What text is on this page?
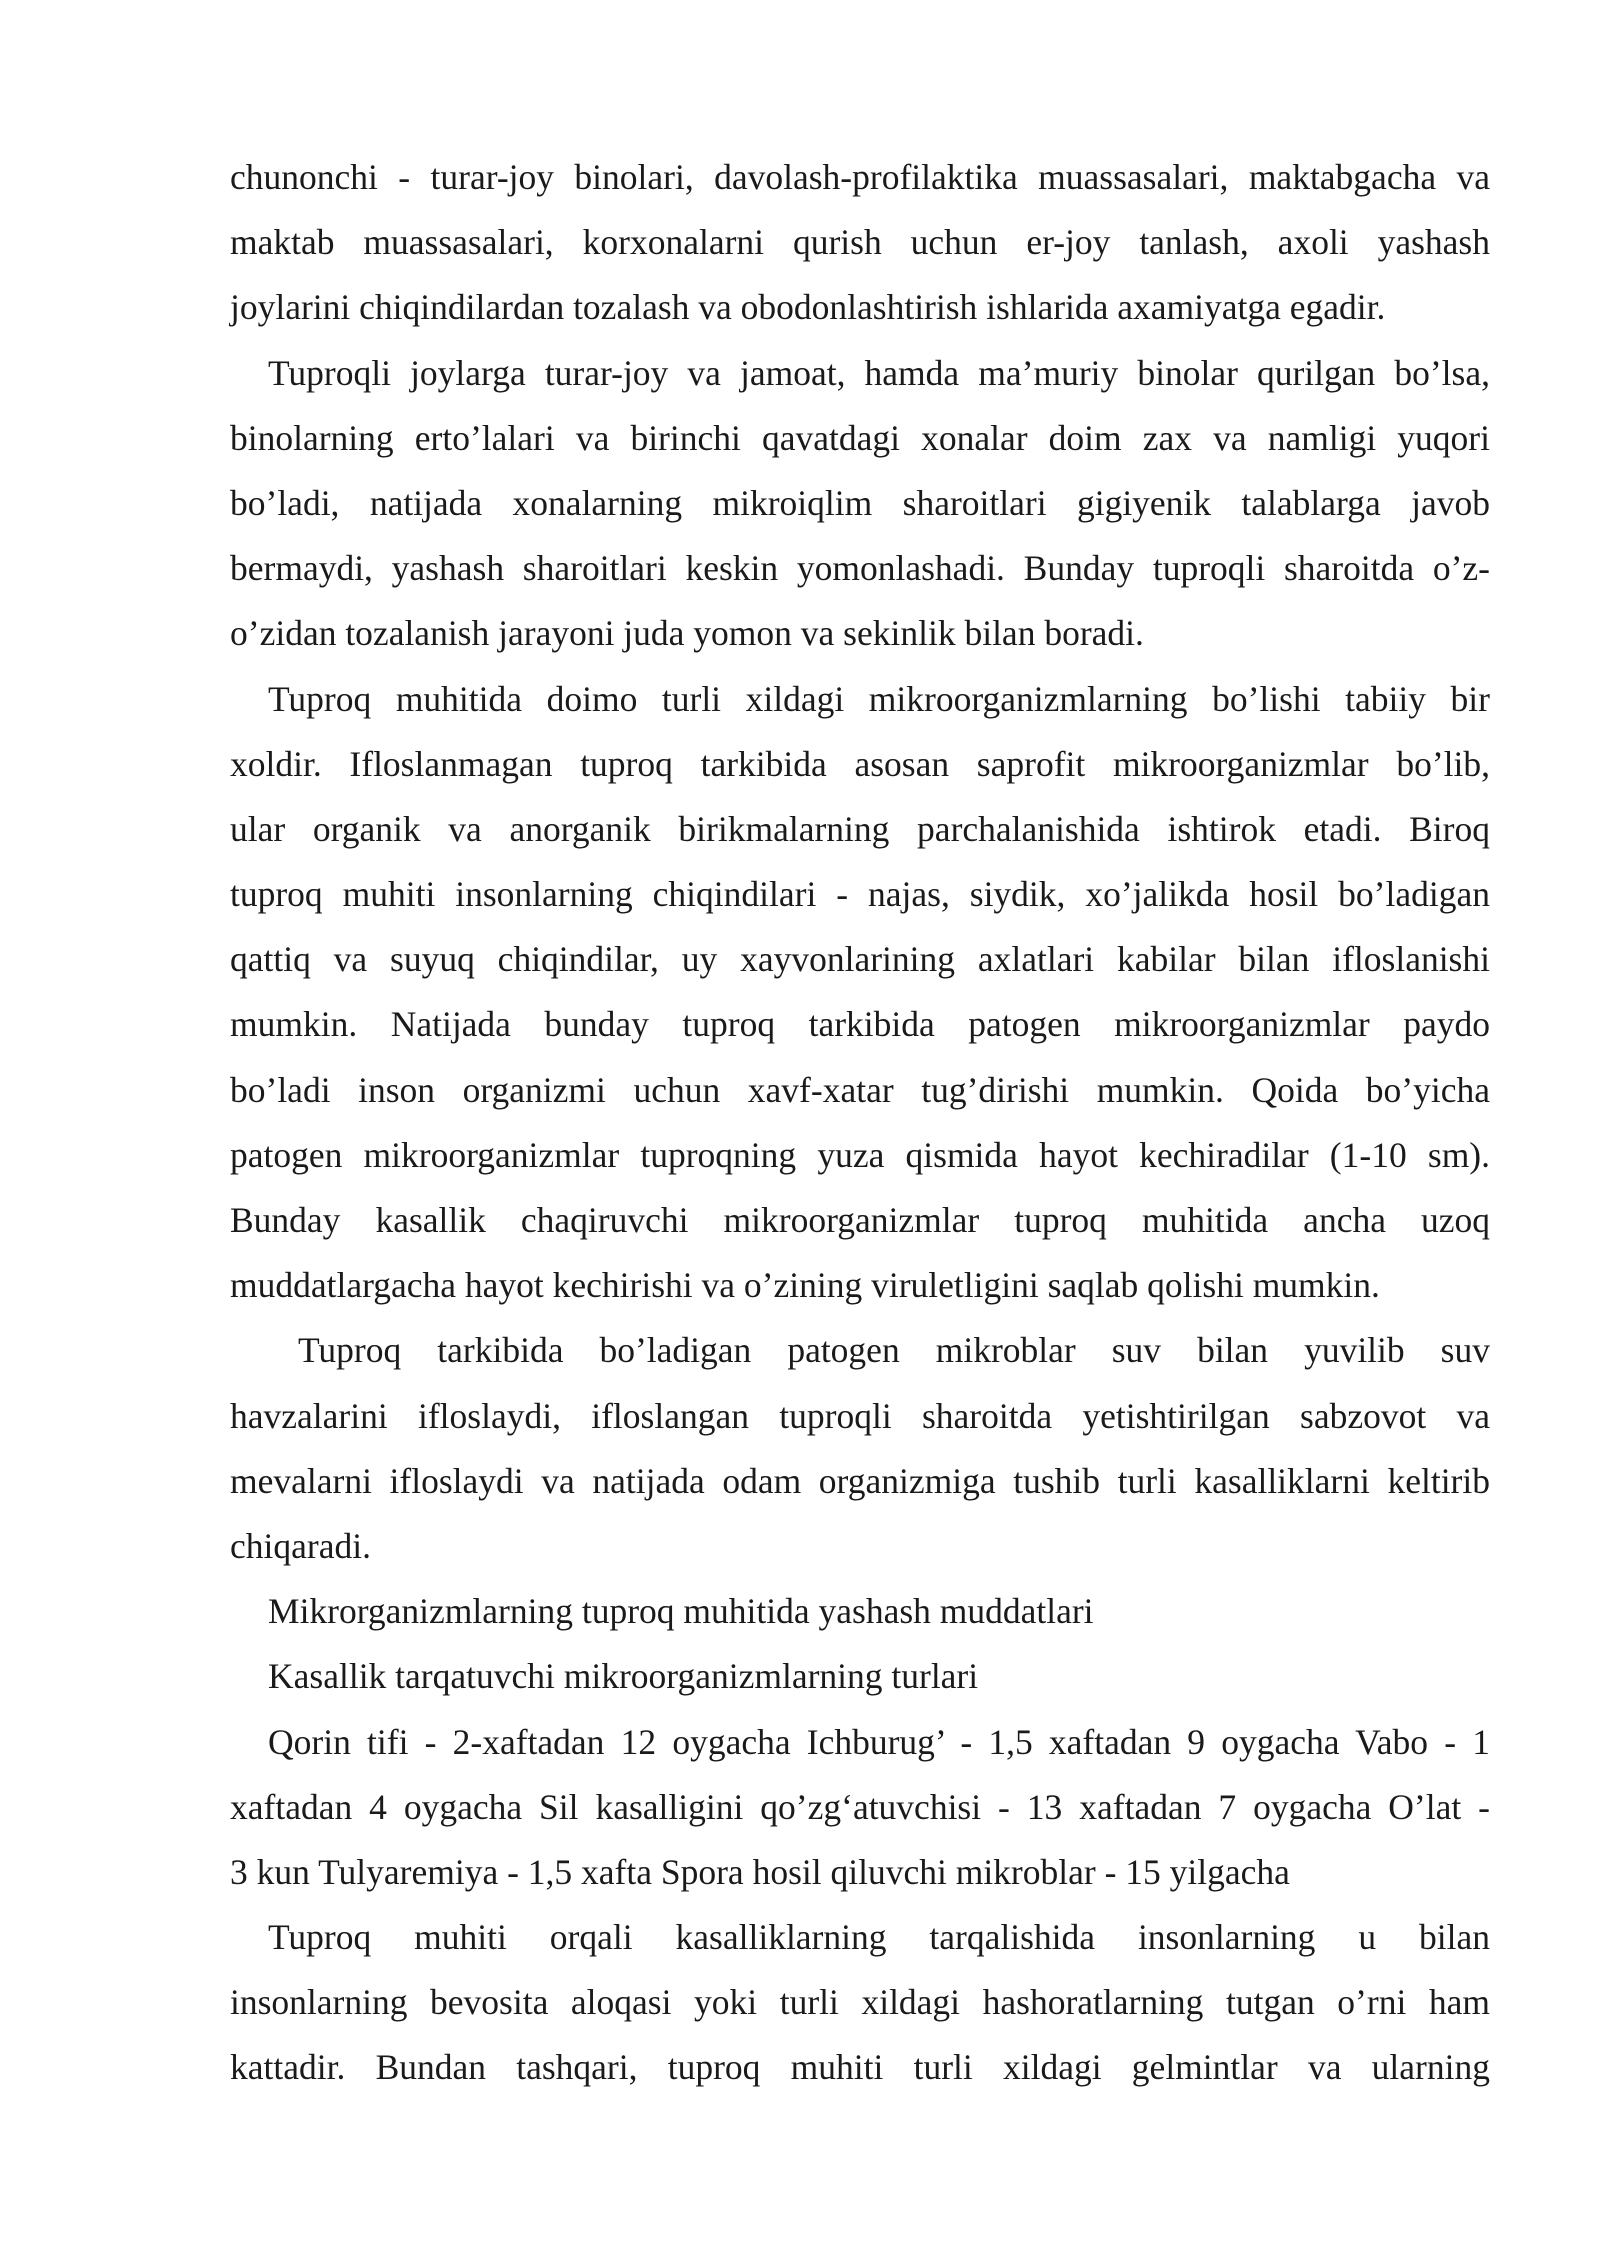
chunonchi - turar-joy binolari, davolash-profilaktika muassasalari, maktabgacha va
maktab muassasalari, korxonalarni qurish uchun er-joy tanlash, axoli yashash
joylarini chiqindilardan tozalash va obodonlashtirish ishlarida axamiyatga egadir.
Tuproqli joylarga turar-joy va jamoat, hamda ma’muriy binolar qurilgan bo’lsa,
binolarning erto’lalari va birinchi qavatdagi xonalar doim zax va namligi yuqori
bo’ladi, natijada xonalarning mikroiqlim sharoitlari gigiyenik talablarga javob
bermaydi, yashash sharoitlari keskin yomonlashadi. Bunday tuproqli sharoitda o’z-
o’zidan tozalanish jarayoni juda yomon va sekinlik bilan boradi.
Tuproq muhitida doimo turli xildagi mikroorganizmlarning bo’lishi tabiiy bir
xoldir. Ifloslanmagan tuproq tarkibida asosan saprofit mikroorganizmlar bo’lib,
ular organik va anorganik birikmalarning parchalanishida ishtirok etadi. Biroq
tuproq muhiti insonlarning chiqindilari - najas, siydik, xo’jalikda hosil bo’ladigan
qattiq va suyuq chiqindilar, uy xayvonlarining axlatlari kabilar bilan ifloslanishi
mumkin. Natijada bunday tuproq tarkibida patogen mikroorganizmlar paydo
bo’ladi inson organizmi uchun xavf-xatar tug’dirishi mumkin. Qoida bo’yicha
patogen mikroorganizmlar tuproqning yuza qismida hayot kechiradilar (1-10 sm).
Bunday kasallik chaqiruvchi mikroorganizmlar tuproq muhitida ancha uzoq
muddatlargacha hayot kechirishi va o’zining viruletligini saqlab qolishi mumkin.
Tuproq tarkibida bo’ladigan patogen mikroblar suv bilan yuvilib suv
havzalarini ifloslaydi, ifloslangan tuproqli sharoitda yetishtirilgan sabzovot va
mevalarni ifloslaydi va natijada odam organizmiga tushib turli kasalliklarni keltirib
chiqaradi.
Mikrorganizmlarning tuproq muhitida yashash muddatlari
Kasallik tarqatuvchi mikroorganizmlarning turlari
Qorin tifi - 2-xaftadan 12 oygacha Ichburug’ - 1,5 xaftadan 9 oygacha Vabo - 1
xaftadan 4 oygacha Sil kasalligini qo’zg‘atuvchisi - 13 xaftadan 7 oygacha O’lat -
3 kun Tulyaremiya - 1,5 xafta Spora hosil qiluvchi mikroblar - 15 yilgacha
Tuproq muhiti orqali kasalliklarning tarqalishida insonlarning u bilan
insonlarning bevosita aloqasi yoki turli xildagi hashoratlarning tutgan o’rni ham
kattadir. Bundan tashqari, tuproq muhiti turli xildagi gelmintlar va ularning
